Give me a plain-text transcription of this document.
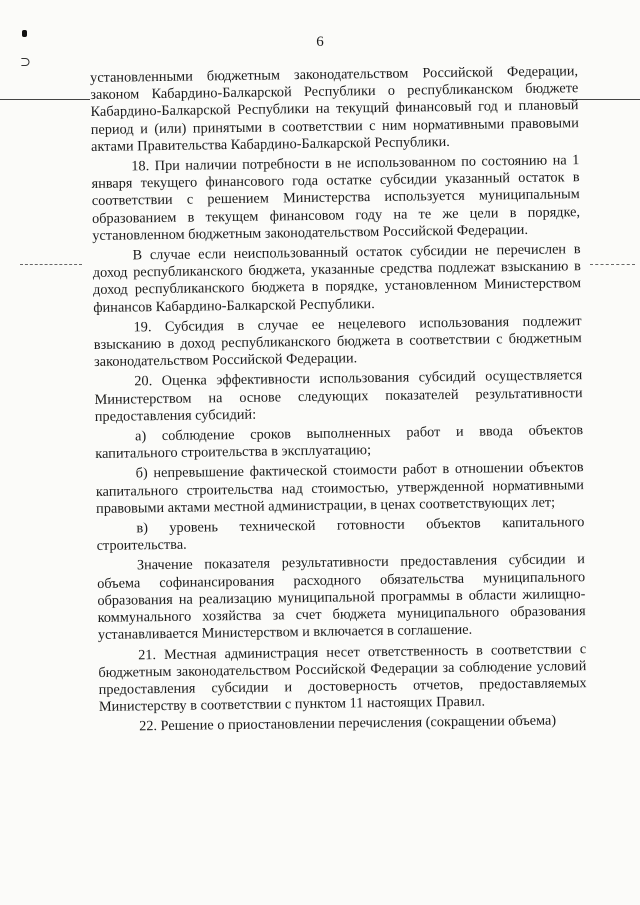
⊃
6

установленными бюджетным законодательством Российской Федерации, законом Кабардино-Балкарской Республики о республиканском бюджете Кабардино-Балкарской Республики на текущий финансовый год и плановый период и (или) принятыми в соответствии с ним нормативными правовыми актами Правительства Кабардино-Балкарской Республики.

18. При наличии потребности в не использованном по состоянию на 1 января текущего финансового года остатке субсидии указанный остаток в соответствии с решением Министерства используется муниципальным образованием в текущем финансовом году на те же цели в порядке, установленном бюджетным законодательством Российской Федерации.

В случае если неиспользованный остаток субсидии не перечислен в доход республиканского бюджета, указанные средства подлежат взысканию в доход республиканского бюджета в порядке, установленном Министерством финансов Кабардино-Балкарской Республики.

19. Субсидия в случае ее нецелевого использования подлежит взысканию в доход республиканского бюджета в соответствии с бюджетным законодательством Российской Федерации.

20. Оценка эффективности использования субсидий осуществляется Министерством на основе следующих показателей результативности предоставления субсидий:

а) соблюдение сроков выполненных работ и ввода объектов капитального строительства в эксплуатацию;

б) непревышение фактической стоимости работ в отношении объектов капитального строительства над стоимостью, утвержденной нормативными правовыми актами местной администрации, в ценах соответствующих лет;

в) уровень технической готовности объектов капитального строительства.

Значение показателя результативности предоставления субсидии и объема софинансирования расходного обязательства муниципального образования на реализацию муниципальной программы в области жилищно-коммунального хозяйства за счет бюджета муниципального образования устанавливается Министерством и включается в соглашение.

21. Местная администрация несет ответственность в соответствии с бюджетным законодательством Российской Федерации за соблюдение условий предоставления субсидии и достоверность отчетов, предоставляемых Министерству в соответствии с пунктом 11 настоящих Правил.

22. Решение о приостановлении перечисления (сокращении объема)
